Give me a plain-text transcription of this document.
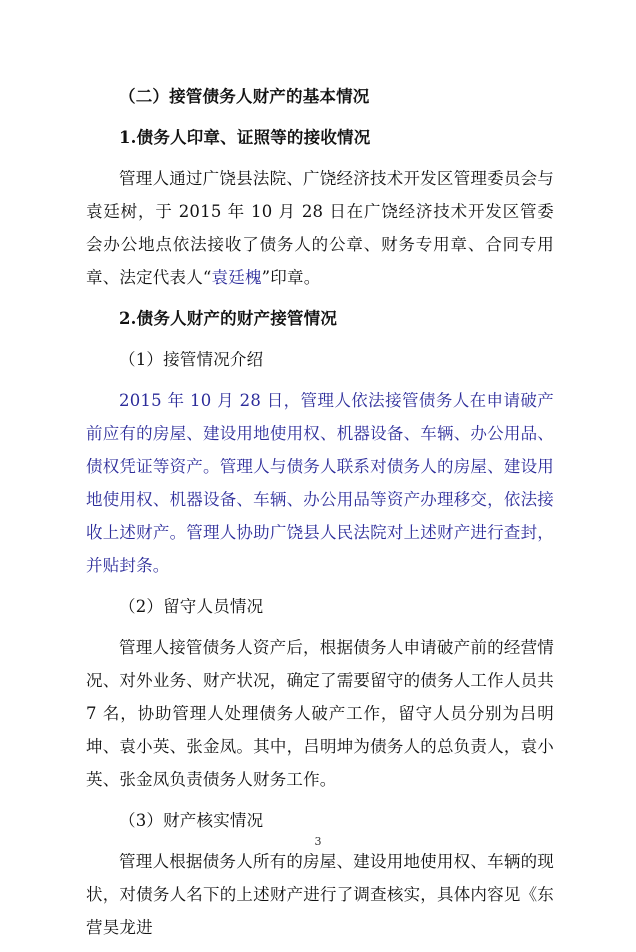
（二）接管债务人财产的基本情况
1.债务人印章、证照等的接收情况
管理人通过广饶县法院、广饶经济技术开发区管理委员会与袁廷树，于 2015 年 10 月 28 日在广饶经济技术开发区管委会办公地点依法接收了债务人的公章、财务专用章、合同专用章、法定代表人“袁廷槐”印章。
2.债务人财产的财产接管情况
（1）接管情况介绍
2015 年 10 月 28 日，管理人依法接管债务人在申请破产前应有的房屋、建设用地使用权、机器设备、车辆、办公用品、债权凭证等资产。管理人与债务人联系对债务人的房屋、建设用地使用权、机器设备、车辆、办公用品等资产办理移交，依法接收上述财产。管理人协助广饶县人民法院对上述财产进行查封，并贴封条。
（2）留守人员情况
管理人接管债务人资产后，根据债务人申请破产前的经营情况、对外业务、财产状况，确定了需要留守的债务人工作人员共 7 名，协助管理人处理债务人破产工作，留守人员分别为吕明坤、袁小英、张金凤。其中，吕明坤为债务人的总负责人，袁小英、张金凤负责债务人财务工作。
（3）财产核实情况
管理人根据债务人所有的房屋、建设用地使用权、车辆的现状，对债务人名下的上述财产进行了调查核实，具体内容见《东营昊龙进
3
